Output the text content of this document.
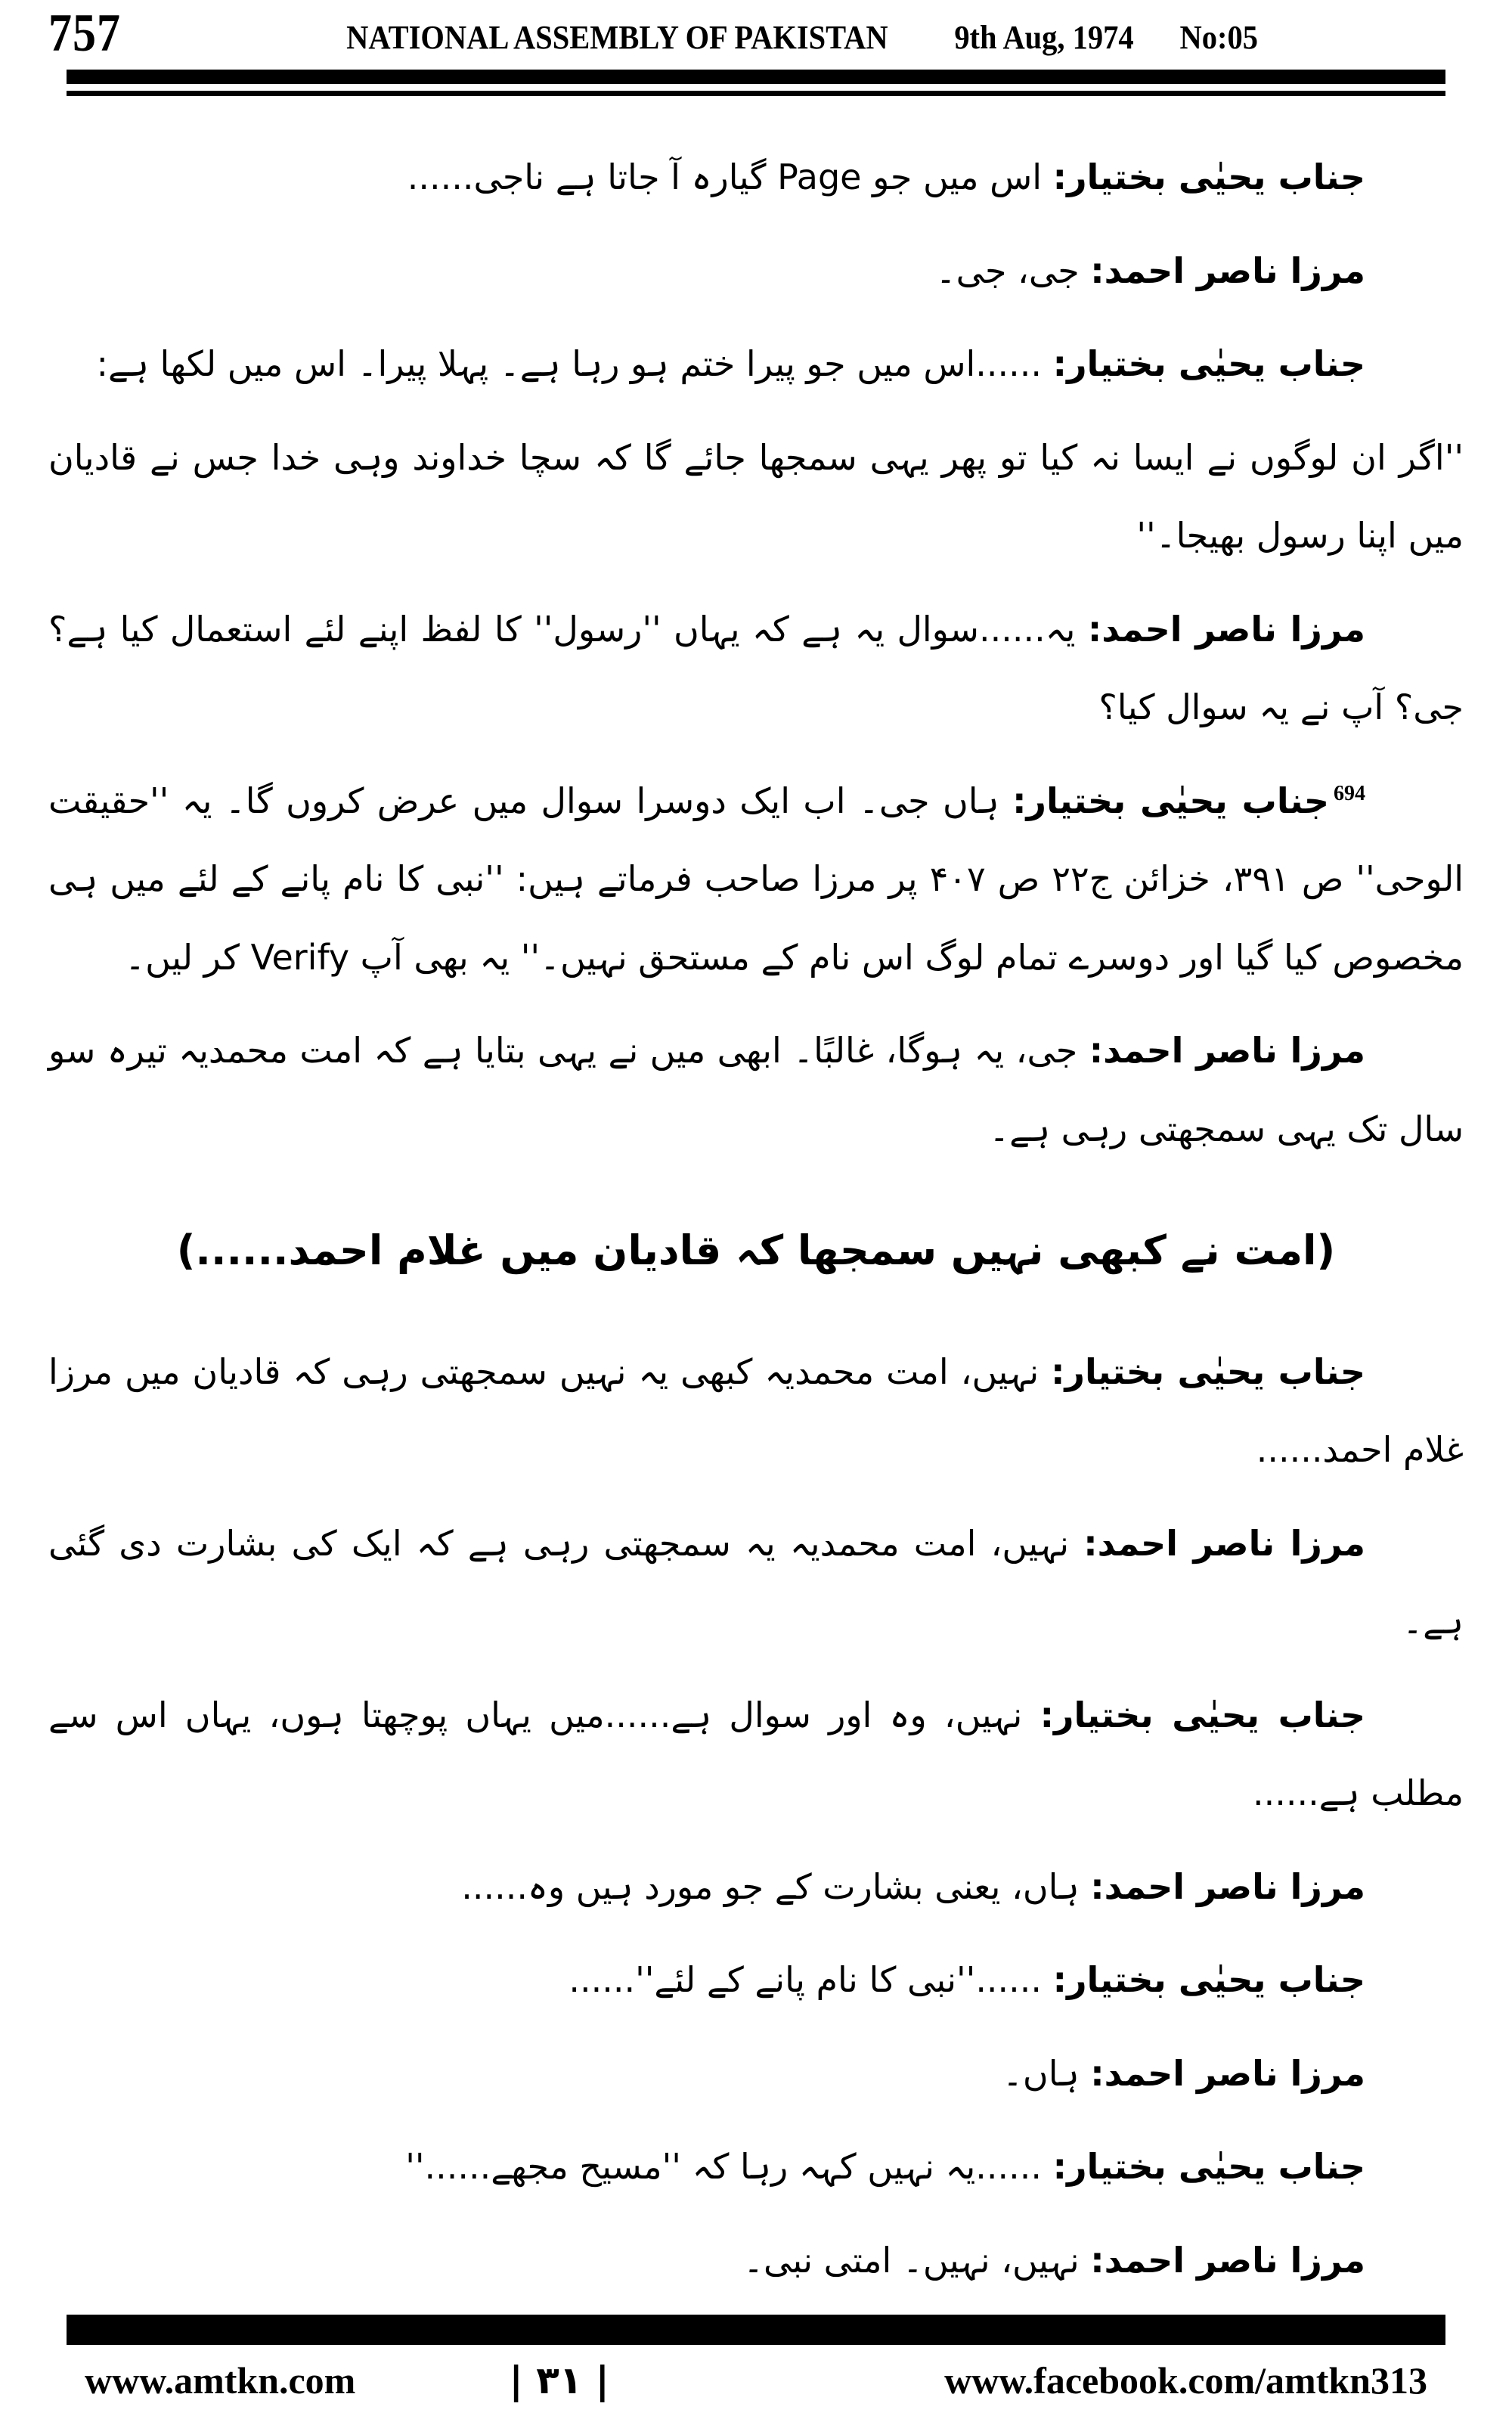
757	NATIONAL ASSEMBLY OF PAKISTAN 9th Aug, 1974 No:05

جناب یحیٰی بختیار: اس میں جو Page گیارہ آ جاتا ہے ناجی......

مرزا ناصر احمد: جی، جی۔

جناب یحیٰی بختیار: ......اس میں جو پیرا ختم ہو رہا ہے۔ پہلا پیرا۔ اس میں لکھا ہے:

''اگر ان لوگوں نے ایسا نہ کیا تو پھر یہی سمجھا جائے گا کہ سچا خداوند وہی خدا جس نے قادیان میں اپنا رسول بھیجا۔''

مرزا ناصر احمد: یہ......سوال یہ ہے کہ یہاں ''رسول'' کا لفظ اپنے لئے استعمال کیا ہے؟ جی؟ آپ نے یہ سوال کیا؟

$^{694}$جناب یحیٰی بختیار: ہاں جی۔ اب ایک دوسرا سوال میں عرض کروں گا۔ یہ ''حقیقت الوحی'' ص ۳۹۱، خزائن ج۲۲ ص ۴۰۷ پر مرزا صاحب فرماتے ہیں: ''نبی کا نام پانے کے لئے میں ہی مخصوص کیا گیا اور دوسرے تمام لوگ اس نام کے مستحق نہیں۔'' یہ بھی آپ Verify کر لیں۔

مرزا ناصر احمد: جی، یہ ہوگا، غالبًا۔ ابھی میں نے یہی بتایا ہے کہ امت محمدیہ تیرہ سو سال تک یہی سمجھتی رہی ہے۔

(امت نے کبھی نہیں سمجھا کہ قادیان میں غلام احمد......)

جناب یحیٰی بختیار: نہیں، امت محمدیہ کبھی یہ نہیں سمجھتی رہی کہ قادیان میں مرزا غلام احمد......

مرزا ناصر احمد: نہیں، امت محمدیہ یہ سمجھتی رہی ہے کہ ایک کی بشارت دی گئی ہے۔

جناب یحیٰی بختیار: نہیں، وہ اور سوال ہے......میں یہاں پوچھتا ہوں، یہاں اس سے مطلب ہے......

مرزا ناصر احمد: ہاں، یعنی بشارت کے جو مورد ہیں وہ......

جناب یحیٰی بختیار: ......''نبی کا نام پانے کے لئے''......

مرزا ناصر احمد: ہاں۔

جناب یحیٰی بختیار: ......یہ نہیں کہہ رہا کہ ''مسیح مجھے......''

مرزا ناصر احمد: نہیں، نہیں۔ امتی نبی۔

www.amtkn.com	| ۳۱ |	www.facebook.com/amtkn313
